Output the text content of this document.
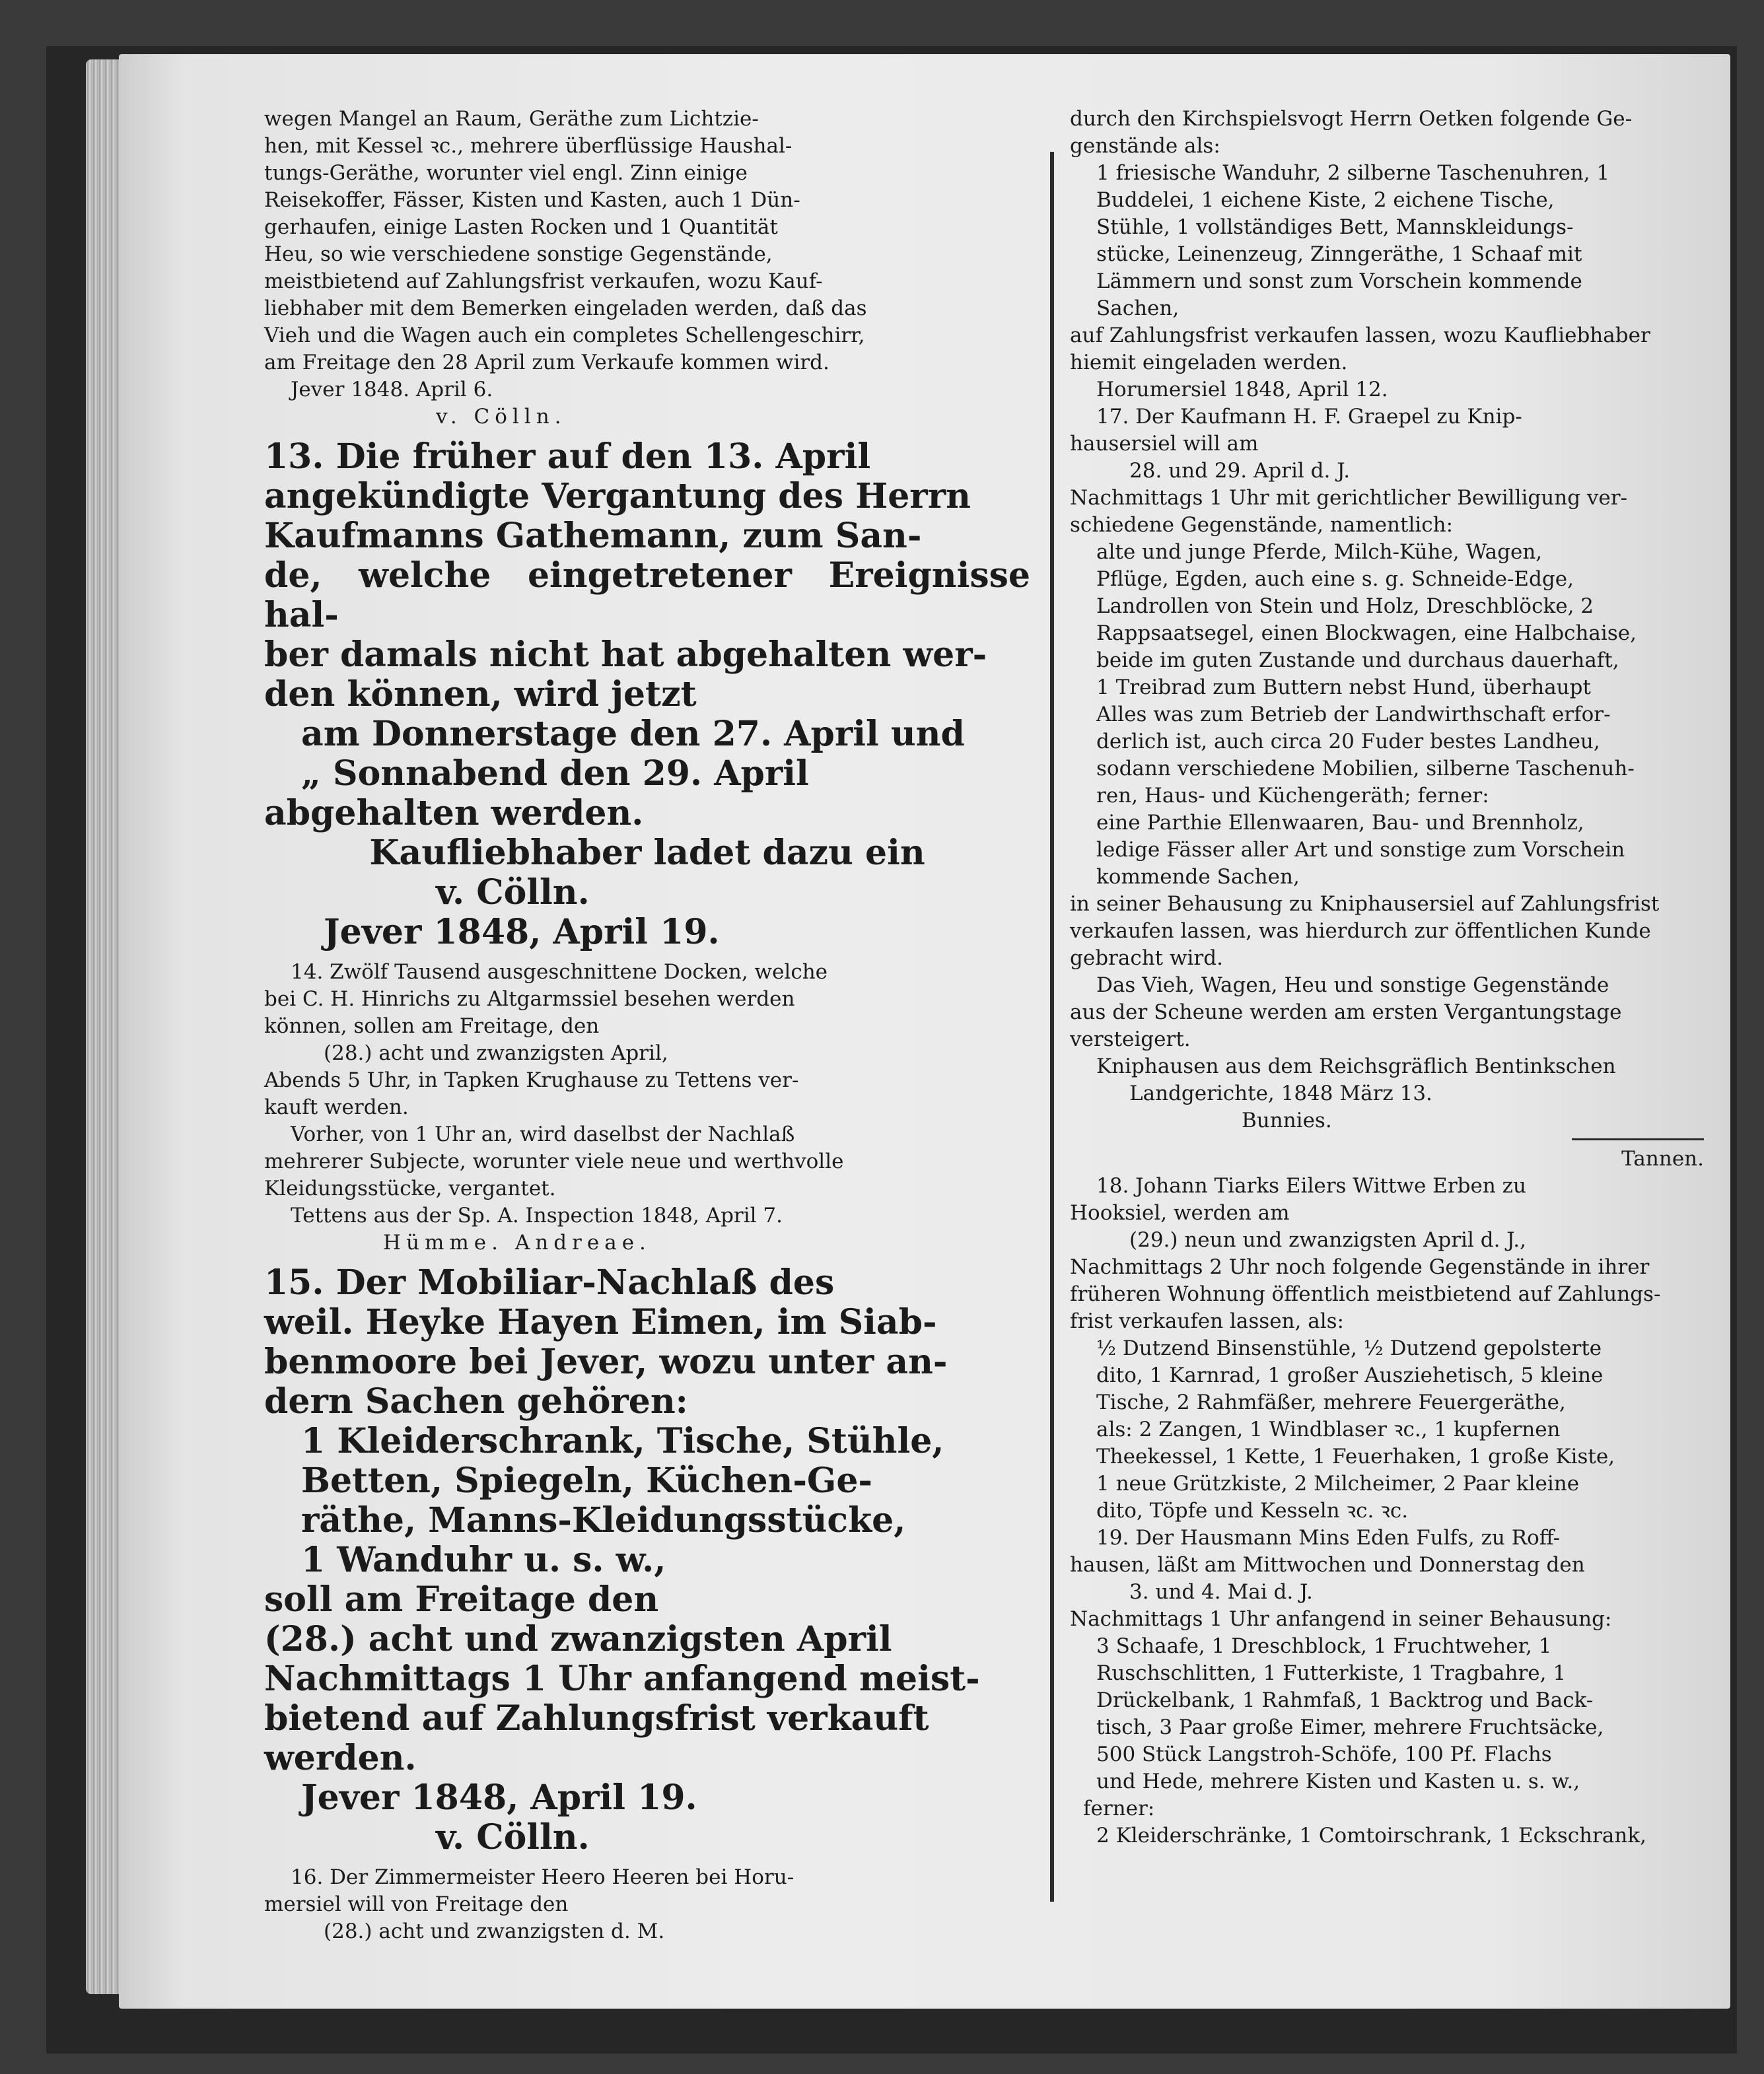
wegen Mangel an Raum, Geräthe zum Lichtzie-

hen, mit Kessel ꝛc., mehrere überflüssige Haushal-

tungs-Geräthe, worunter viel engl. Zinn einige

Reisekoffer, Fässer, Kisten und Kasten, auch 1 Dün-

gerhaufen, einige Lasten Rocken und 1 Quantität

Heu, so wie verschiedene sonstige Gegenstände,

meistbietend auf Zahlungsfrist verkaufen, wozu Kauf-

liebhaber mit dem Bemerken eingeladen werden, daß das

Vieh und die Wagen auch ein completes Schellengeschirr,

am Freitage den 28 April zum Verkaufe kommen wird.

Jever 1848. April 6.

v. Cölln.

13. Die früher auf den 13. April

angekündigte Vergantung des Herrn

Kaufmanns Gathemann, zum San-

de, welche eingetretener Ereignisse hal-

ber damals nicht hat abgehalten wer-

den können, wird jetzt

am Donnerstage den 27. April und

„ Sonnabend den 29. April

abgehalten werden.

Kaufliebhaber ladet dazu ein

v. Cölln.

Jever 1848, April 19.

14. Zwölf Tausend ausgeschnittene Docken, welche

bei C. H. Hinrichs zu Altgarmssiel besehen werden

können, sollen am Freitage, den

(28.) acht und zwanzigsten April,

Abends 5 Uhr, in Tapken Krughause zu Tettens ver-

kauft werden.

Vorher, von 1 Uhr an, wird daselbst der Nachlaß

mehrerer Subjecte, worunter viele neue und werthvolle

Kleidungsstücke, vergantet.

Tettens aus der Sp. A. Inspection 1848, April 7.

Hümme. Andreae.

15. Der Mobiliar-Nachlaß des

weil. Heyke Hayen Eimen, im Siab-

benmoore bei Jever, wozu unter an-

dern Sachen gehören:

1 Kleiderschrank, Tische, Stühle,

Betten, Spiegeln, Küchen-Ge-

räthe, Manns-Kleidungsstücke,

1 Wanduhr u. s. w.,

soll am Freitage den

(28.) acht und zwanzigsten April

Nachmittags 1 Uhr anfangend meist-

bietend auf Zahlungsfrist verkauft

werden.

Jever 1848, April 19.

v. Cölln.

16. Der Zimmermeister Heero Heeren bei Horu-

mersiel will von Freitage den

(28.) acht und zwanzigsten d. M.

durch den Kirchspielsvogt Herrn Oetken folgende Ge-

genstände als:

1 friesische Wanduhr, 2 silberne Taschenuhren, 1

Buddelei, 1 eichene Kiste, 2 eichene Tische,

Stühle, 1 vollständiges Bett, Mannskleidungs-

stücke, Leinenzeug, Zinngeräthe, 1 Schaaf mit

Lämmern und sonst zum Vorschein kommende

Sachen,

auf Zahlungsfrist verkaufen lassen, wozu Kaufliebhaber

hiemit eingeladen werden.

Horumersiel 1848, April 12.

17. Der Kaufmann H. F. Graepel zu Knip-

hausersiel will am

28. und 29. April d. J.

Nachmittags 1 Uhr mit gerichtlicher Bewilligung ver-

schiedene Gegenstände, namentlich:

alte und junge Pferde, Milch-Kühe, Wagen,

Pflüge, Egden, auch eine s. g. Schneide-Edge,

Landrollen von Stein und Holz, Dreschblöcke, 2

Rappsaatsegel, einen Blockwagen, eine Halbchaise,

beide im guten Zustande und durchaus dauerhaft,

1 Treibrad zum Buttern nebst Hund, überhaupt

Alles was zum Betrieb der Landwirthschaft erfor-

derlich ist, auch circa 20 Fuder bestes Landheu,

sodann verschiedene Mobilien, silberne Taschenuh-

ren, Haus- und Küchengeräth; ferner:

eine Parthie Ellenwaaren, Bau- und Brennholz,

ledige Fässer aller Art und sonstige zum Vorschein

kommende Sachen,

in seiner Behausung zu Kniphausersiel auf Zahlungsfrist

verkaufen lassen, was hierdurch zur öffentlichen Kunde

gebracht wird.

Das Vieh, Wagen, Heu und sonstige Gegenstände

aus der Scheune werden am ersten Vergantungstage

versteigert.

Kniphausen aus dem Reichsgräflich Bentinkschen

Landgerichte, 1848 März 13.

Bunnies.

Tannen.

18. Johann Tiarks Eilers Wittwe Erben zu

Hooksiel, werden am

(29.) neun und zwanzigsten April d. J.,

Nachmittags 2 Uhr noch folgende Gegenstände in ihrer

früheren Wohnung öffentlich meistbietend auf Zahlungs-

frist verkaufen lassen, als:

½ Dutzend Binsenstühle, ½ Dutzend gepolsterte

dito, 1 Karnrad, 1 großer Ausziehetisch, 5 kleine

Tische, 2 Rahmfäßer, mehrere Feuergeräthe,

als: 2 Zangen, 1 Windblaser ꝛc., 1 kupfernen

Theekessel, 1 Kette, 1 Feuerhaken, 1 große Kiste,

1 neue Grützkiste, 2 Milcheimer, 2 Paar kleine

dito, Töpfe und Kesseln ꝛc. ꝛc.

19. Der Hausmann Mins Eden Fulfs, zu Roff-

hausen, läßt am Mittwochen und Donnerstag den

3. und 4. Mai d. J.

Nachmittags 1 Uhr anfangend in seiner Behausung:

3 Schaafe, 1 Dreschblock, 1 Fruchtweher, 1

Ruschschlitten, 1 Futterkiste, 1 Tragbahre, 1

Drückelbank, 1 Rahmfaß, 1 Backtrog und Back-

tisch, 3 Paar große Eimer, mehrere Fruchtsäcke,

500 Stück Langstroh-Schöfe, 100 Pf. Flachs

und Hede, mehrere Kisten und Kasten u. s. w.,

ferner:

2 Kleiderschränke, 1 Comtoirschrank, 1 Eckschrank,
